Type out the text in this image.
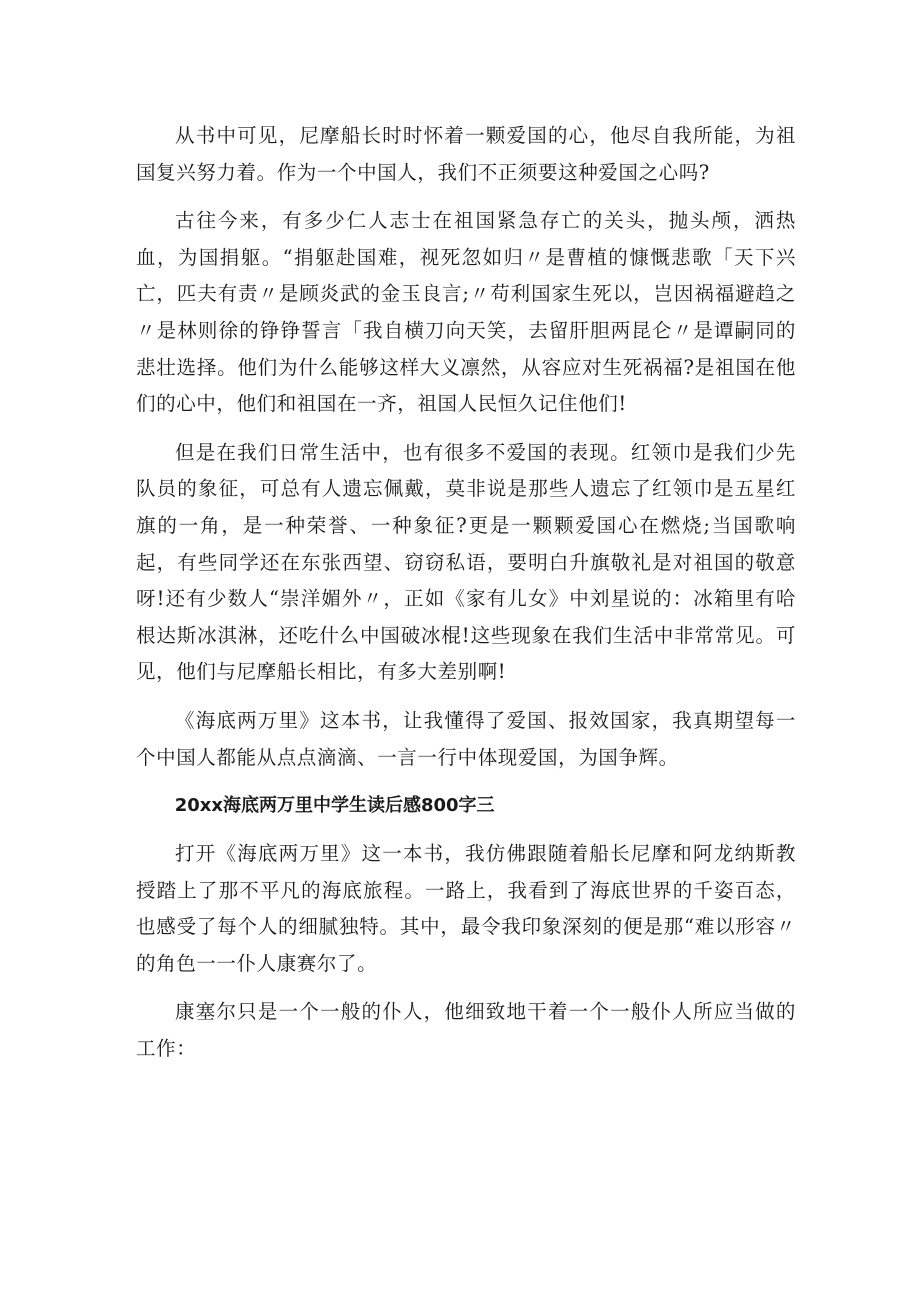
从书中可见，尼摩船长时时怀着一颗爱国的心，他尽自我所能，为祖国复兴努力着。作为一个中国人，我们不正须要这种爱国之心吗?

古往今来，有多少仁人志士在祖国紧急存亡的关头，抛头颅，洒热血，为国捐躯。“捐躯赴国难，视死忽如归〃是曹植的慷慨悲歌「天下兴亡，匹夫有责〃是顾炎武的金玉良言;〃苟利国家生死以，岂因祸福避趋之〃是林则徐的铮铮誓言「我自横刀向天笑，去留肝胆两昆仑〃是谭嗣同的悲壮选择。他们为什么能够这样大义凛然，从容应对生死祸福?是祖国在他们的心中，他们和祖国在一齐，祖国人民恒久记住他们!

但是在我们日常生活中，也有很多不爱国的表现。红领巾是我们少先队员的象征，可总有人遗忘佩戴，莫非说是那些人遗忘了红领巾是五星红旗的一角，是一种荣誉、一种象征?更是一颗颗爱国心在燃烧;当国歌响起，有些同学还在东张西望、窃窃私语，要明白升旗敬礼是对祖国的敬意呀!还有少数人“崇洋媚外〃，正如《家有儿女》中刘星说的：冰箱里有哈根达斯冰淇淋，还吃什么中国破冰棍!这些现象在我们生活中非常常见。可见，他们与尼摩船长相比，有多大差别啊!

《海底两万里》这本书，让我懂得了爱国、报效国家，我真期望每一个中国人都能从点点滴滴、一言一行中体现爱国，为国争辉。

20xx海底两万里中学生读后感800字三

打开《海底两万里》这一本书，我仿佛跟随着船长尼摩和阿龙纳斯教授踏上了那不平凡的海底旅程。一路上，我看到了海底世界的千姿百态，也感受了每个人的细腻独特。其中，最令我印象深刻的便是那“难以形容〃的角色一一仆人康赛尔了。

康塞尔只是一个一般的仆人，他细致地干着一个一般仆人所应当做的工作：
